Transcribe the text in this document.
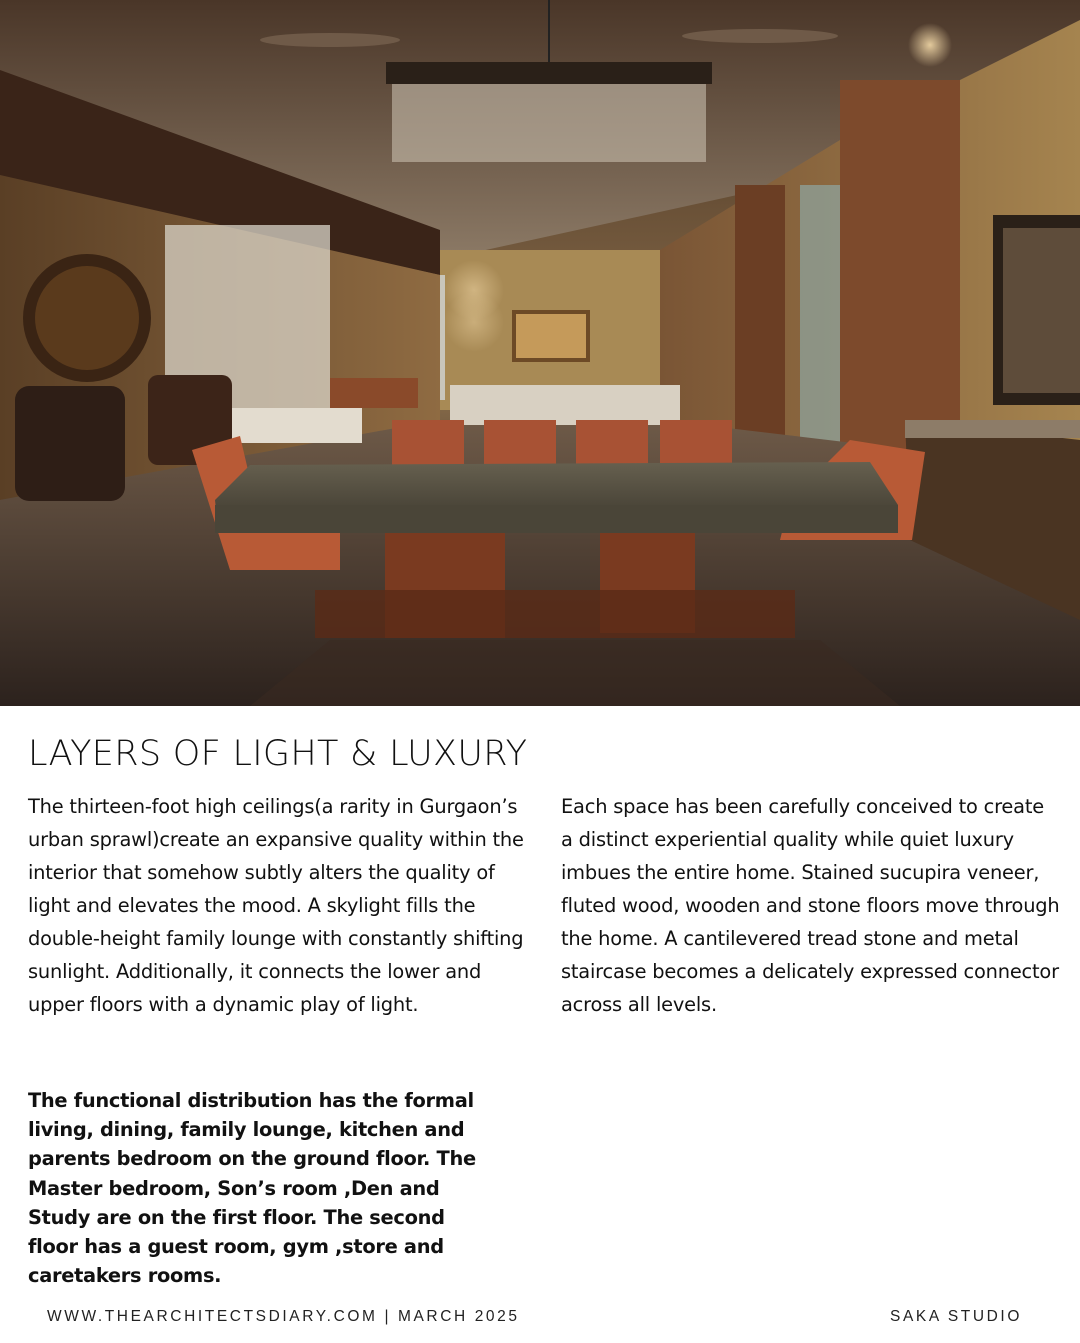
LAYERS OF LIGHT & LUXURY

The thirteen-foot high ceilings(a rarity in Gurgaon’s urban sprawl)create an expansive quality within the interior that somehow subtly alters the quality of light and elevates the mood. A skylight fills the double-height family lounge with constantly shifting sunlight. Additionally, it connects the lower and upper floors with a dynamic play of light.

Each space has been carefully conceived to create a distinct experiential quality while quiet luxury imbues the entire home. Stained sucupira veneer, fluted wood, wooden and stone floors move through the home. A cantilevered tread stone and metal staircase becomes a delicately expressed connector across all levels.

The functional distribution has the formal living, dining, family lounge, kitchen and parents bedroom on the ground floor. The Master bedroom, Son’s room ,Den and Study are on the first floor. The second floor has a guest room, gym ,store and caretakers rooms.

WWW.THEARCHITECTSDIARY.COM | MARCH 2025	SAKA STUDIO
